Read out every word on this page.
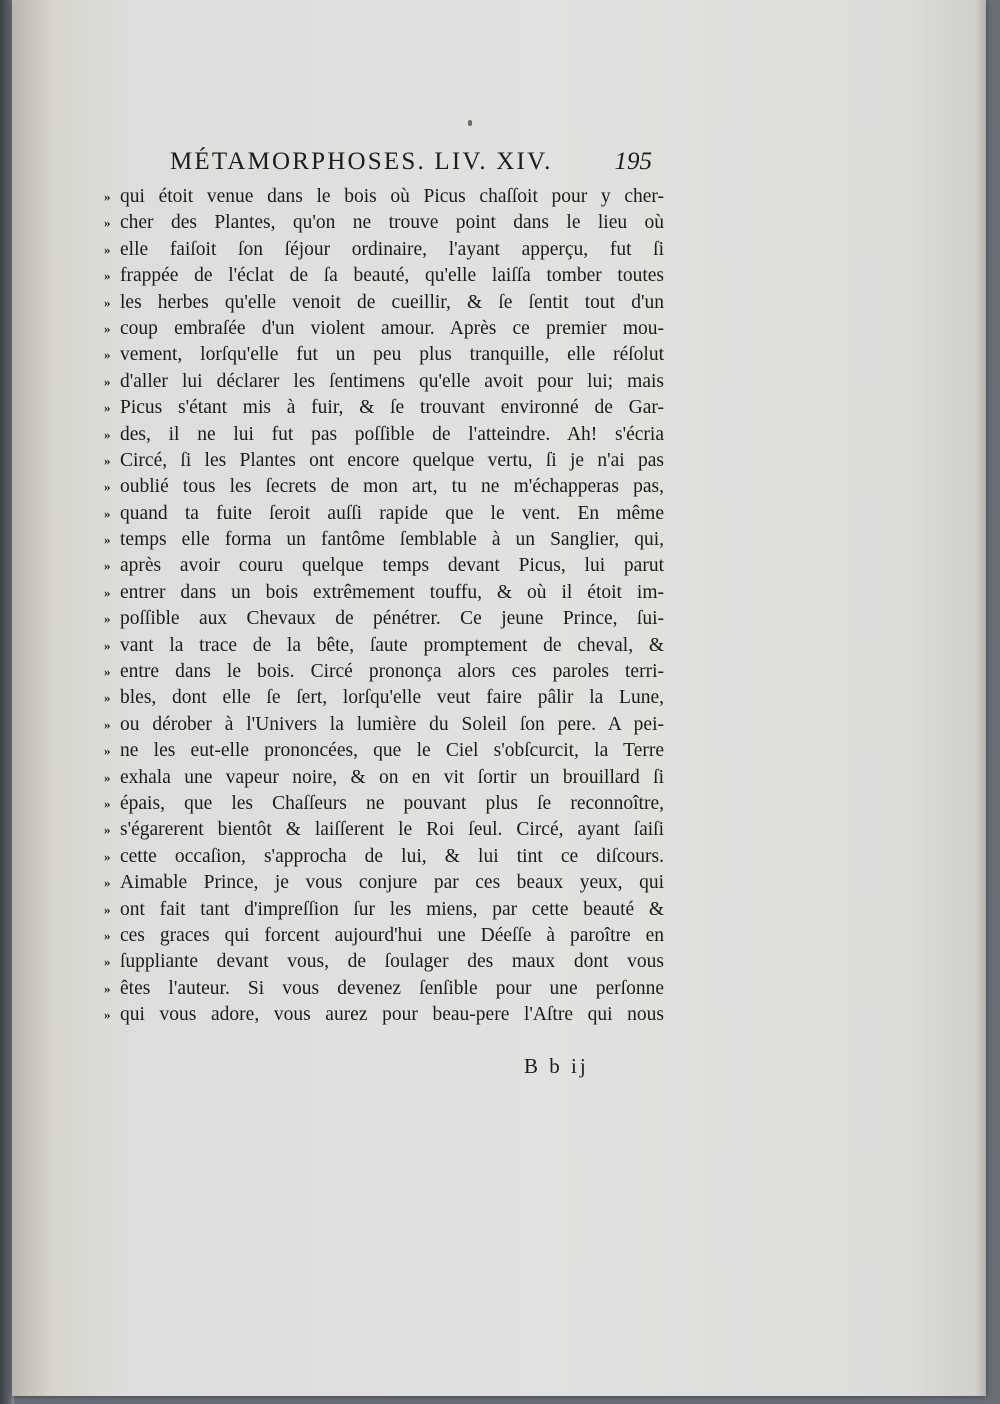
MÉTAMORPHOSES. LIV. XIV. 195
» qui étoit venue dans le bois où Picus chaſſoit pour y cher-
» cher des Plantes, qu'on ne trouve point dans le lieu où
» elle faiſoit ſon ſéjour ordinaire, l'ayant apperçu, fut ſi
» frappée de l'éclat de ſa beauté, qu'elle laiſſa tomber toutes
» les herbes qu'elle venoit de cueillir, & ſe ſentit tout d'un
» coup embraſée d'un violent amour. Après ce premier mou-
» vement, lorſqu'elle fut un peu plus tranquille, elle réſolut
» d'aller lui déclarer les ſentimens qu'elle avoit pour lui; mais
» Picus s'étant mis à fuir, & ſe trouvant environné de Gar-
» des, il ne lui fut pas poſſible de l'atteindre. Ah! s'écria
» Circé, ſi les Plantes ont encore quelque vertu, ſi je n'ai pas
» oublié tous les ſecrets de mon art, tu ne m'échapperas pas,
» quand ta fuite ſeroit auſſi rapide que le vent. En même
» temps elle forma un fantôme ſemblable à un Sanglier, qui,
» après avoir couru quelque temps devant Picus, lui parut
» entrer dans un bois extrêmement touffu, & où il étoit im-
» poſſible aux Chevaux de pénétrer. Ce jeune Prince, ſui-
» vant la trace de la bête, ſaute promptement de cheval, &
» entre dans le bois. Circé prononça alors ces paroles terri-
» bles, dont elle ſe ſert, lorſqu'elle veut faire pâlir la Lune,
» ou dérober à l'Univers la lumière du Soleil ſon pere. A pei-
» ne les eut-elle prononcées, que le Ciel s'obſcurcit, la Terre
» exhala une vapeur noire, & on en vit ſortir un brouillard ſi
» épais, que les Chaſſeurs ne pouvant plus ſe reconnoître,
» s'égarerent bientôt & laiſſerent le Roi ſeul. Circé, ayant ſaiſi
» cette occaſion, s'approcha de lui, & lui tint ce diſcours.
» Aimable Prince, je vous conjure par ces beaux yeux, qui
» ont fait tant d'impreſſion ſur les miens, par cette beauté &
» ces graces qui forcent aujourd'hui une Déeſſe à paroître en
» ſuppliante devant vous, de ſoulager des maux dont vous
» êtes l'auteur. Si vous devenez ſenſible pour une perſonne
» qui vous adore, vous aurez pour beau-pere l'Aſtre qui nous
B b ij
